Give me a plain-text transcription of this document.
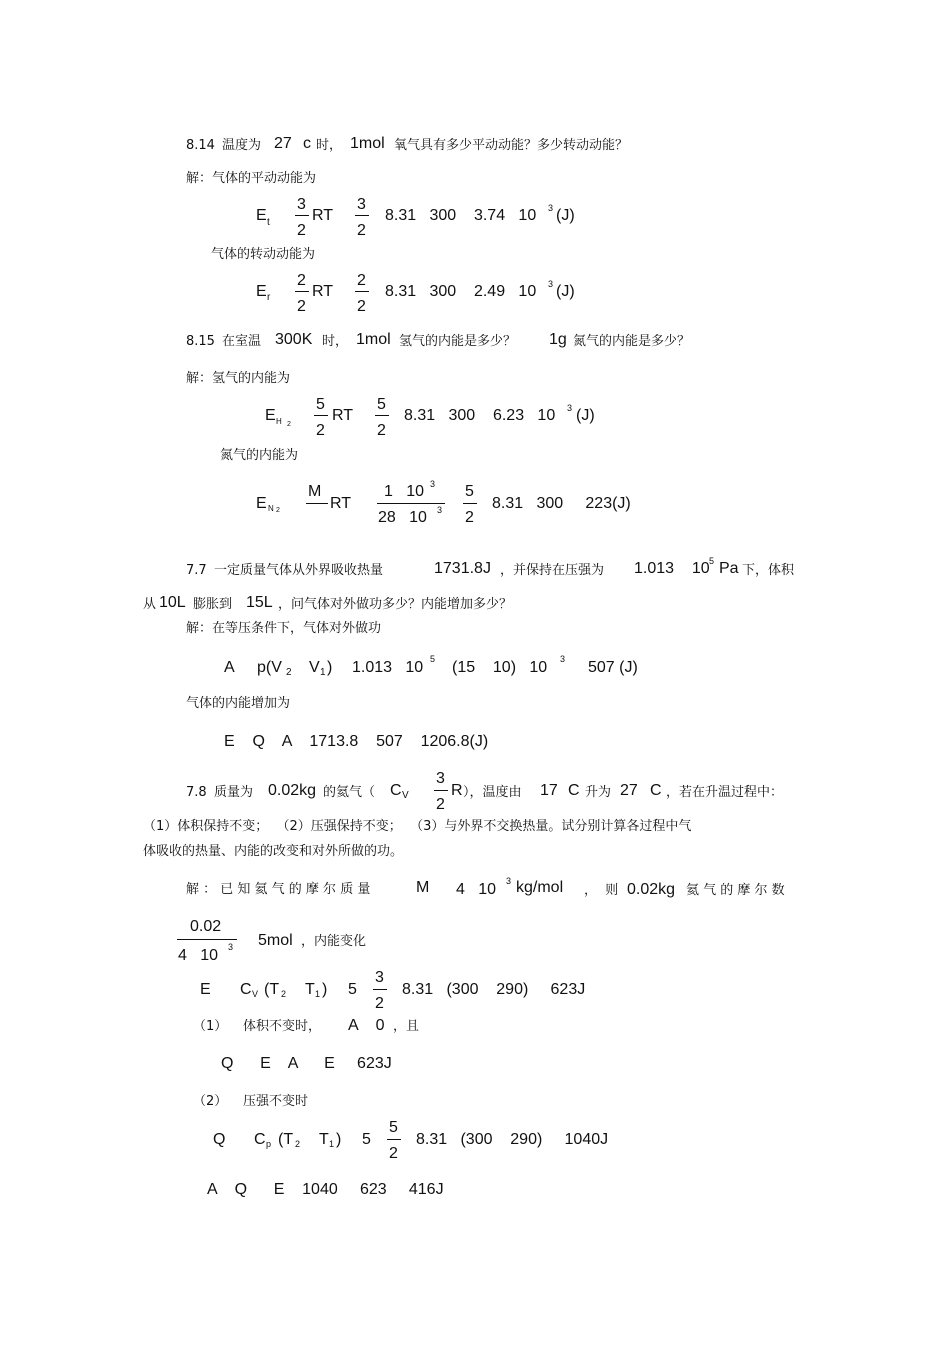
8.14 温度为 27 c 时， 1mol 氧气具有多少平动动能？多少转动动能？
解：气体的平动动能为
E t
3
2
RT
3
2
8.31   300    3.74   10 3 (J)
气体的转动动能为
E r
2
2
RT
2
2
8.31   300    2.49   10 3 (J)
8.15 在室温 300K 时， 1mol 氢气的内能是多少？ 1g 氮气的内能是多少？
解：氢气的内能为
E H 2
5
2
RT
5
2
8.31   300    6.23   10 3 (J)
氮气的内能为
E N 2
M
RT
1   10 3
28   10 3
5
2
8.31   300     223(J)
7.7 一定质量气体从外界吸收热量	1731.8J ，并保持在压强为 1.013    10 5 Pa 下，体积
从 10L 膨胀到 15L ，问气体对外做功多少？内能增加多少？
解：在等压条件下，气体对外做功
A p(V 2 V 1 ) 1.013   10 5 (15    10)   10 3 507 (J)
气体的内能增加为
E    Q    A    1713.8    507    1206.8(J)
7.8 质量为 0.02kg 的氦气（ C V
3
2
R ），温度由 17 C 升为 27 C ，若在升温过程中：
（1）体积保持不变；  （2）压强保持不变；  （3）与外界不交换热量。试分别计算各过程中气
体吸收的热量、内能的改变和对外所做的功。
解 ： 已 知 氦 气 的 摩 尔 质 量	M 4   10 3 kg/mol ，  则 0.02kg 氦 气 的 摩 尔 数
0.02
4   10 3 5mol ，内能变化
E C V (T 2 T 1 ) 5
3
2
8.31   (300    290)     623J
（1） 体积不变时， A    0 ，且
Q      E    A      E     623J
（2） 压强不变时
Q C p (T 2 T 1 ) 5
5
2
8.31   (300    290)     1040J
A    Q      E    1040     623     416J
